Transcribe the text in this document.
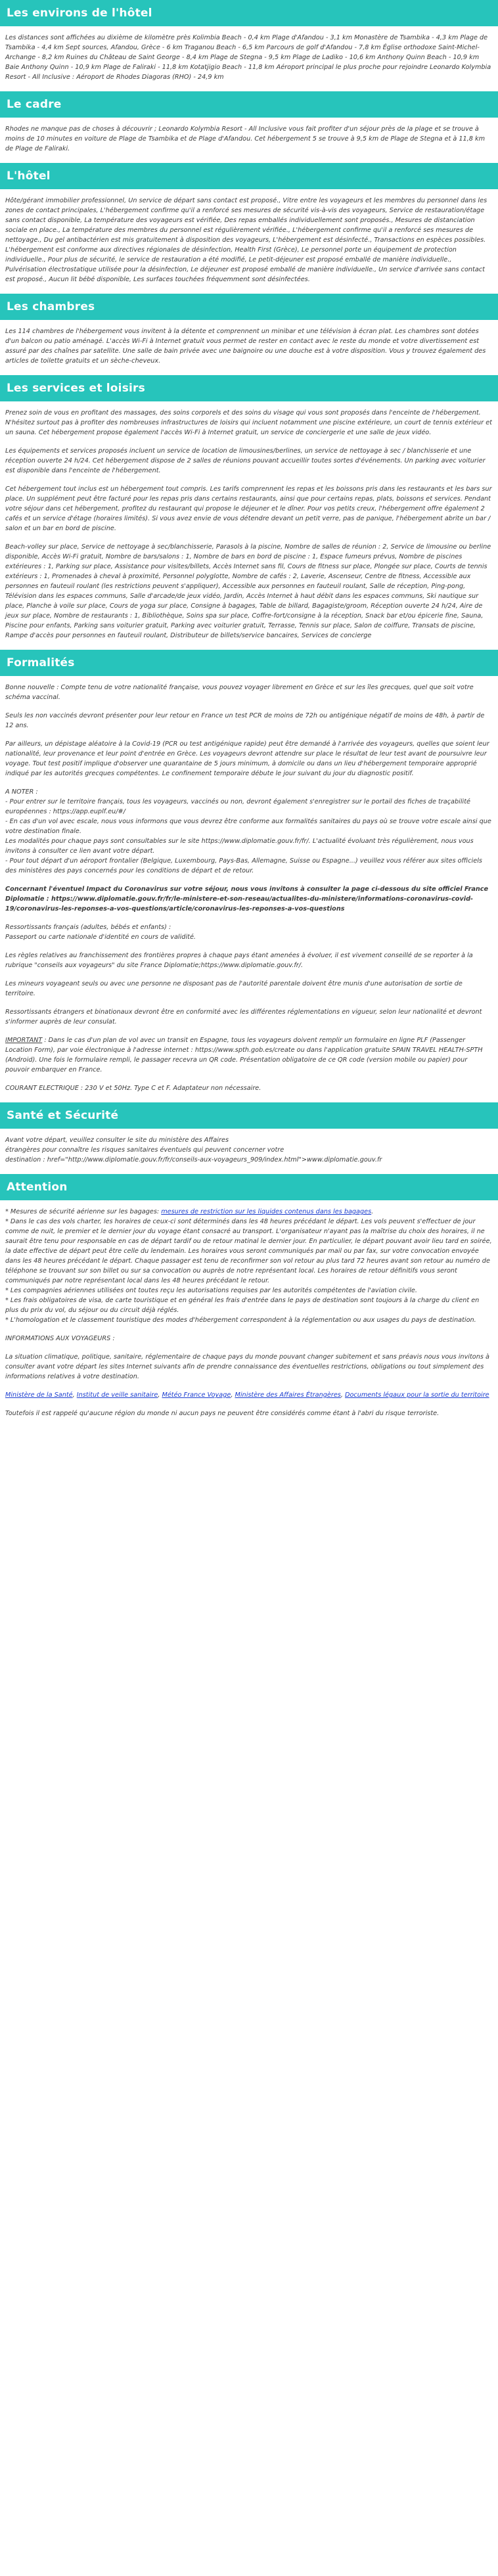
Les environs de l'hôtel

Les distances sont affichées au dixième de kilomètre près Kolimbia Beach - 0,4 km Plage d'Afandou - 3,1 km Monastère de Tsambika - 4,3 km Plage de Tsambika - 4,4 km Sept sources, Afandou, Grèce - 6 km Traganou Beach - 6,5 km Parcours de golf d'Afandou - 7,8 km Église orthodoxe Saint-Michel-Archange - 8,2 km Ruines du Château de Saint George - 8,4 km Plage de Stegna - 9,5 km Plage de Ladiko - 10,6 km Anthony Quinn Beach - 10,9 km Baie Anthony Quinn - 10,9 km Plage de Faliraki - 11,8 km Kotatjigio Beach - 11,8 km Aéroport principal le plus proche pour rejoindre Leonardo Kolymbia Resort - All Inclusive : Aéroport de Rhodes Diagoras (RHO) - 24,9 km

Le cadre

Rhodes ne manque pas de choses à découvrir ; Leonardo Kolymbia Resort - All Inclusive vous fait profiter d'un séjour près de la plage et se trouve à moins de 10 minutes en voiture de Plage de Tsambika et de Plage d'Afandou. Cet hébergement 5 se trouve à 9,5 km de Plage de Stegna et à 11,8 km de Plage de Faliraki.

L'hôtel

Hôte/gérant immobilier professionnel, Un service de départ sans contact est proposé., Vitre entre les voyageurs et les membres du personnel dans les zones de contact principales, L'hébergement confirme qu'il a renforcé ses mesures de sécurité vis-à-vis des voyageurs, Service de restauration/étage sans contact disponible, La température des voyageurs est vérifiée, Des repas emballés individuellement sont proposés., Mesures de distanciation sociale en place., La température des membres du personnel est régulièrement vérifiée., L'hébergement confirme qu'il a renforcé ses mesures de nettoyage., Du gel antibactérien est mis gratuitement à disposition des voyageurs, L'hébergement est désinfecté., Transactions en espèces possibles. L'hébergement est conforme aux directives régionales de désinfection, Health First (Grèce), Le personnel porte un équipement de protection individuelle., Pour plus de sécurité, le service de restauration a été modifié, Le petit-déjeuner est proposé emballé de manière individuelle., Pulvérisation électrostatique utilisée pour la désinfection, Le déjeuner est proposé emballé de manière individuelle., Un service d'arrivée sans contact est proposé., Aucun lit bébé disponible, Les surfaces touchées fréquemment sont désinfectées.

Les chambres

Les 114 chambres de l'hébergement vous invitent à la détente et comprennent un minibar et une télévision à écran plat. Les chambres sont dotées d'un balcon ou patio aménagé. L'accès Wi-Fi à Internet gratuit vous permet de rester en contact avec le reste du monde et votre divertissement est assuré par des chaînes par satellite. Une salle de bain privée avec une baignoire ou une douche est à votre disposition. Vous y trouvez également des articles de toilette gratuits et un sèche-cheveux.

Les services et loisirs

Prenez soin de vous en profitant des massages, des soins corporels et des soins du visage qui vous sont proposés dans l'enceinte de l'hébergement. N'hésitez surtout pas à profiter des nombreuses infrastructures de loisirs qui incluent notamment une piscine extérieure, un court de tennis extérieur et un sauna. Cet hébergement propose également l'accès Wi-Fi à Internet gratuit, un service de conciergerie et une salle de jeux vidéo.

Les équipements et services proposés incluent un service de location de limousines/berlines, un service de nettoyage à sec / blanchisserie et une réception ouverte 24 h/24. Cet hébergement dispose de 2 salles de réunions pouvant accueillir toutes sortes d'événements. Un parking avec voiturier est disponible dans l'enceinte de l'hébergement.

Cet hébergement tout inclus est un hébergement tout compris. Les tarifs comprennent les repas et les boissons pris dans les restaurants et les bars sur place. Un supplément peut être facturé pour les repas pris dans certains restaurants, ainsi que pour certains repas, plats, boissons et services. Pendant votre séjour dans cet hébergement, profitez du restaurant qui propose le déjeuner et le dîner. Pour vos petits creux, l'hébergement offre également 2 cafés et un service d'étage (horaires limités). Si vous avez envie de vous détendre devant un petit verre, pas de panique, l'hébergement abrite un bar / salon et un bar en bord de piscine.

Beach-volley sur place, Service de nettoyage à sec/blanchisserie, Parasols à la piscine, Nombre de salles de réunion : 2, Service de limousine ou berline disponible, Accès Wi-Fi gratuit, Nombre de bars/salons : 1, Nombre de bars en bord de piscine : 1, Espace fumeurs prévus, Nombre de piscines extérieures : 1, Parking sur place, Assistance pour visites/billets, Accès Internet sans fil, Cours de fitness sur place, Plongée sur place, Courts de tennis extérieurs : 1, Promenades à cheval à proximité, Personnel polyglotte, Nombre de cafés : 2, Laverie, Ascenseur, Centre de fitness, Accessible aux personnes en fauteuil roulant (les restrictions peuvent s'appliquer), Accessible aux personnes en fauteuil roulant, Salle de réception, Ping-pong, Télévision dans les espaces communs, Salle d'arcade/de jeux vidéo, Jardin, Accès Internet à haut débit dans les espaces communs, Ski nautique sur place, Planche à voile sur place, Cours de yoga sur place, Consigne à bagages, Table de billard, Bagagiste/groom, Réception ouverte 24 h/24, Aire de jeux sur place, Nombre de restaurants : 1, Bibliothèque, Soins spa sur place, Coffre-fort/consigne à la réception, Snack bar et/ou épicerie fine, Sauna, Piscine pour enfants, Parking sans voiturier gratuit, Parking avec voiturier gratuit, Terrasse, Tennis sur place, Salon de coiffure, Transats de piscine, Rampe d'accès pour personnes en fauteuil roulant, Distributeur de billets/service bancaires, Services de concierge

Formalités

Bonne nouvelle : Compte tenu de votre nationalité française, vous pouvez voyager librement en Grèce et sur les îles grecques, quel que soit votre schéma vaccinal.

Seuls les non vaccinés devront présenter pour leur retour en France un test PCR de moins de 72h ou antigénique négatif de moins de 48h, à partir de 12 ans.

Par ailleurs, un dépistage aléatoire à la Covid-19 (PCR ou test antigénique rapide) peut être demandé à l'arrivée des voyageurs, quelles que soient leur nationalité, leur provenance et leur point d'entrée en Grèce. Les voyageurs devront attendre sur place le résultat de leur test avant de poursuivre leur voyage. Tout test positif implique d'observer une quarantaine de 5 jours minimum, à domicile ou dans un lieu d'hébergement temporaire approprié indiqué par les autorités grecques compétentes. Le confinement temporaire débute le jour suivant du jour du diagnostic positif.

A NOTER :
- Pour entrer sur le territoire français, tous les voyageurs, vaccinés ou non, devront également s'enregistrer sur le portail des fiches de traçabilité européennes : https://app.euplf.eu/#/
- En cas d'un vol avec escale, nous vous informons que vous devrez être conforme aux formalités sanitaires du pays où se trouve votre escale ainsi que votre destination finale.
Les modalités pour chaque pays sont consultables sur le site https://www.diplomatie.gouv.fr/fr/. L'actualité évoluant très régulièrement, nous vous invitons à consulter ce lien avant votre départ.
- Pour tout départ d'un aéroport frontalier (Belgique, Luxembourg, Pays-Bas, Allemagne, Suisse ou Espagne...) veuillez vous référer aux sites officiels des ministères des pays concernés pour les conditions de départ et de retour.

Concernant l'éventuel Impact du Coronavirus sur votre séjour, nous vous invitons à consulter la page ci-dessous du site officiel France Diplomatie : https://www.diplomatie.gouv.fr/fr/le-ministere-et-son-reseau/actualites-du-ministere/informations-coronavirus-covid-19/coronavirus-les-reponses-a-vos-questions/article/coronavirus-les-reponses-a-vos-questions

Ressortissants français (adultes, bébés et enfants) :
Passeport ou carte nationale d'identité en cours de validité.

Les règles relatives au franchissement des frontières propres à chaque pays étant amenées à évoluer, il est vivement conseillé de se reporter à la rubrique "conseils aux voyageurs" du site France Diplomatie;https://www.diplomatie.gouv.fr/.

Les mineurs voyageant seuls ou avec une personne ne disposant pas de l'autorité parentale doivent être munis d'une autorisation de sortie de territoire.

Ressortissants étrangers et binationaux devront être en conformité avec les différentes réglementations en vigueur, selon leur nationalité et devront s'informer auprès de leur consulat.

IMPORTANT : Dans le cas d'un plan de vol avec un transit en Espagne, tous les voyageurs doivent remplir un formulaire en ligne PLF (Passenger Location Form), par voie électronique à l'adresse internet : https://www.spth.gob.es/create ou dans l'application gratuite SPAIN TRAVEL HEALTH-SPTH (Android). Une fois le formulaire rempli, le passager recevra un QR code. Présentation obligatoire de ce QR code (version mobile ou papier) pour pouvoir embarquer en France.

COURANT ELECTRIQUE : 230 V et 50Hz. Type C et F. Adaptateur non nécessaire.

Santé et Sécurité

Avant votre départ, veuillez consulter le site du ministère des Affaires
étrangères pour connaître les risques sanitaires éventuels qui peuvent concerner votre
destination : href="http://www.diplomatie.gouv.fr/fr/conseils-aux-voyageurs_909/index.html">www.diplomatie.gouv.fr

Attention

* Mesures de sécurité aérienne sur les bagages: mesures de restriction sur les liquides contenus dans les bagages.

* Dans le cas des vols charter, les horaires de ceux-ci sont déterminés dans les 48 heures précédant le départ. Les vols peuvent s'effectuer de jour comme de nuit, le premier et le dernier jour du voyage étant consacré au transport. L'organisateur n'ayant pas la maîtrise du choix des horaires, il ne saurait être tenu pour responsable en cas de départ tardif ou de retour matinal le dernier jour. En particulier, le départ pouvant avoir lieu tard en soirée, la date effective de départ peut être celle du lendemain. Les horaires vous seront communiqués par mail ou par fax, sur votre convocation envoyée dans les 48 heures précédant le départ. Chaque passager est tenu de reconfirmer son vol retour au plus tard 72 heures avant son retour au numéro de téléphone se trouvant sur son billet ou sur sa convocation ou auprès de notre représentant local. Les horaires de retour définitifs vous seront communiqués par notre représentant local dans les 48 heures précédant le retour.

* Les compagnies aériennes utilisées ont toutes reçu les autorisations requises par les autorités compétentes de l'aviation civile.

* Les frais obligatoires de visa, de carte touristique et en général les frais d'entrée dans le pays de destination sont toujours à la charge du client en plus du prix du vol, du séjour ou du circuit déjà réglés.

* L'homologation et le classement touristique des modes d'hébergement correspondent à la réglementation ou aux usages du pays de destination.

INFORMATIONS AUX VOYAGEURS :

La situation climatique, politique, sanitaire, réglementaire de chaque pays du monde pouvant changer subitement et sans préavis nous vous invitons à consulter avant votre départ les sites Internet suivants afin de prendre connaissance des éventuelles restrictions, obligations ou tout simplement des informations relatives à votre destination.

Ministère de la Santé, Institut de veille sanitaire, Météo France Voyage, Ministère des Affaires Étrangères, Documents légaux pour la sortie du territoire

Toutefois il est rappelé qu'aucune région du monde ni aucun pays ne peuvent être considérés comme étant à l'abri du risque terroriste.
